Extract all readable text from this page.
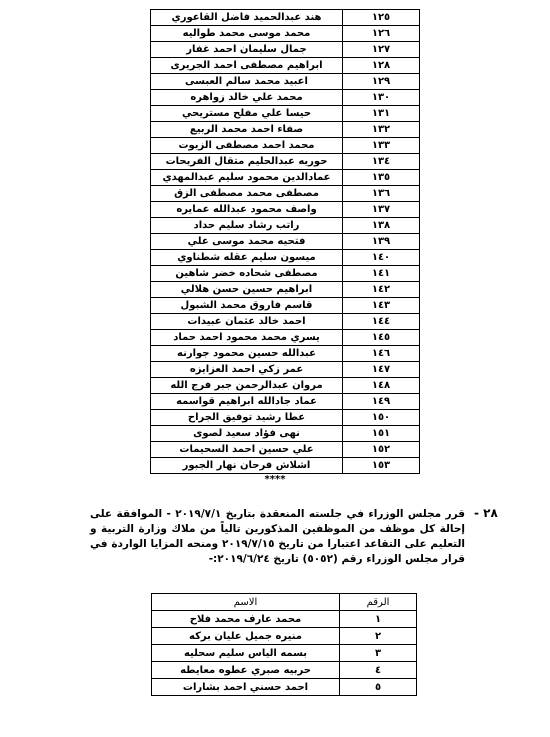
١٢٥	هند عبدالحميد فاضل القاعوري
١٢٦	محمد موسى محمد طواليه
١٢٧	جمال سليمان احمد غفار
١٢٨	ابراهيم مصطفى احمد الجريرى
١٢٩	اعبيد محمد سالم العبسى
١٣٠	محمد علي خالد زواهره
١٣١	حيسا علي مفلح مستريحي
١٣٢	صفاء احمد محمد الربيع
١٣٣	محمد احمد مصطفى الزيوت
١٣٤	حوريه عبدالحليم متقال الفريحات
١٣٥	عمادالدين محمود سليم عبدالمهدي
١٣٦	مصطفى محمد مصطفى الزق
١٣٧	واصف محمود عبدالله عمايره
١٣٨	راتب رشاد سليم حداد
١٣٩	فتحيه محمد موسى علي
١٤٠	ميسون سليم عقله شطناوي
١٤١	مصطفى شحاده خضر شاهين
١٤٢	ابراهيم حسين حسن هلالي
١٤٣	قاسم فاروق محمد الشبول
١٤٤	احمد خالد عثمان عبيدات
١٤٥	يسري محمد محمود احمد حماد
١٤٦	عبدالله حسين محمود جوارنه
١٤٧	عمر زكي احمد العزايزه
١٤٨	مروان عبدالرحمن جبر فرج الله
١٤٩	عماد جادالله ابراهيم قواسمه
١٥٠	عطا رشيد توفيق الجراح
١٥١	نهى فؤاد سعيد لصوى
١٥٢	علي حسين احمد السحيمات
١٥٣	اشلاش فرحان نهار الجبور
****
٢٨ -
قرر مجلس الوزراء في جلسته المنعقدة بتاريخ ٢٠١٩/٧/١ - الموافقة على إحالة كل موظف من الموظفين المذكورين تالياً من ملاك وزارة التربية و التعليم على التقاعد اعتبارا من تاريخ ٢٠١٩/٧/١٥ ومنحه المزايا الواردة في قرار مجلس الوزراء رقم (٥٠٥٢) تاريخ ٢٠١٩/٦/٢٤:-
الرقم	الاسم
١	محمد عارف محمد فلاح
٢	منيره جميل عليان بركه
٣	بسمه الياس سليم سحليه
٤	حربيه صبري عطوه معايطه
٥	احمد حسني احمد بشارات
